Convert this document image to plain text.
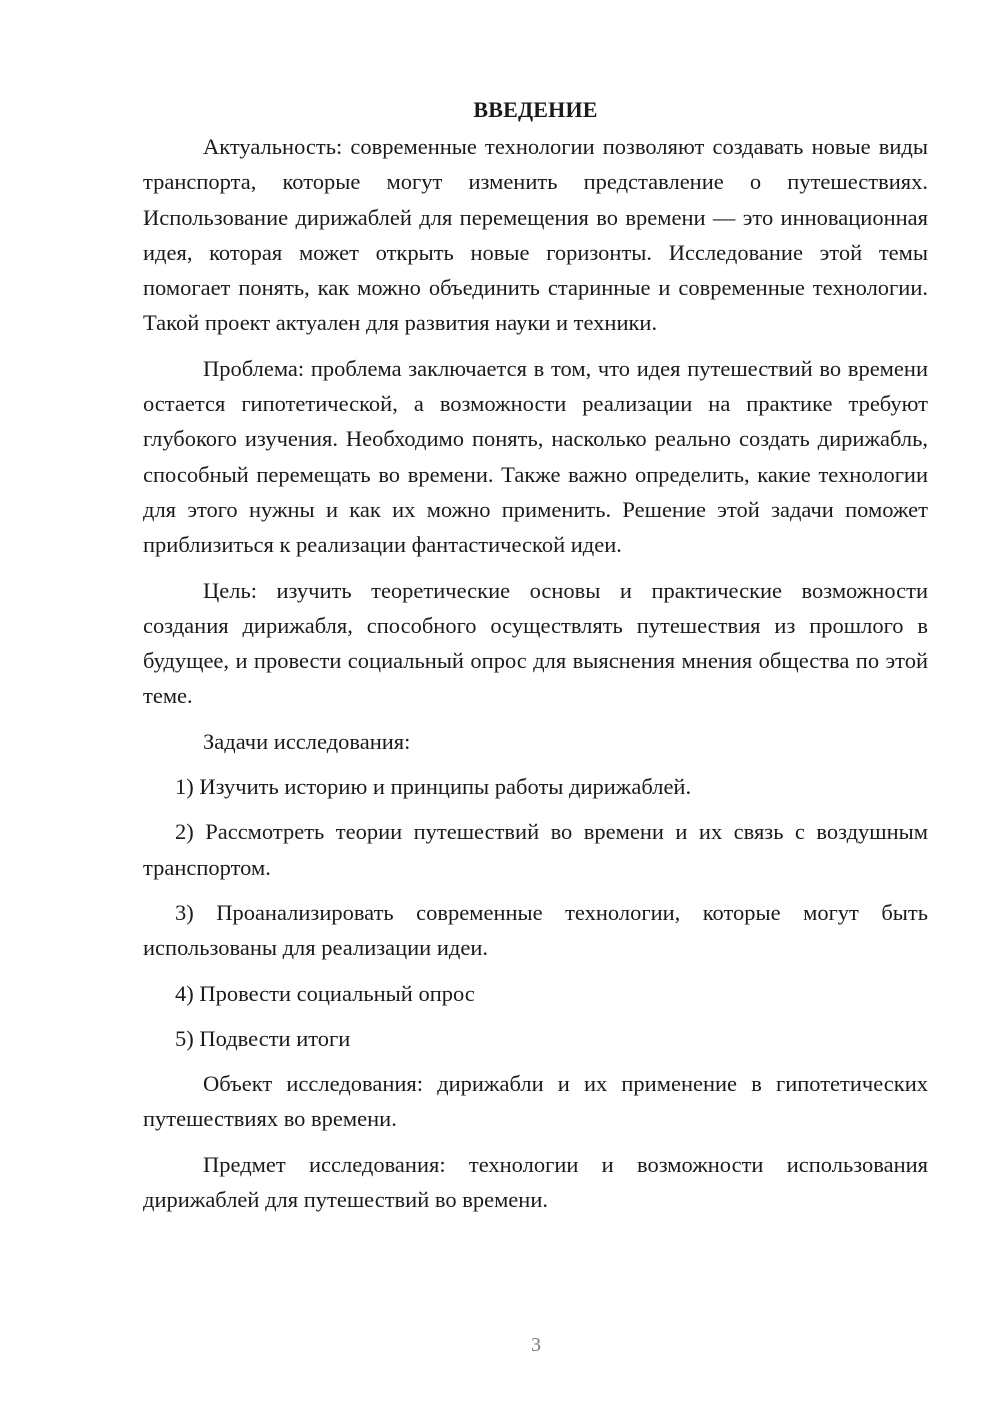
ВВЕДЕНИЕ

Актуальность: современные технологии позволяют создавать новые виды транспорта, которые могут изменить представление о путешествиях. Использование дирижаблей для перемещения во времени — это инновационная идея, которая может открыть новые горизонты. Исследование этой темы помогает понять, как можно объединить старинные и современные технологии. Такой проект актуален для развития науки и техники.

Проблема: проблема заключается в том, что идея путешествий во времени остается гипотетической, а возможности реализации на практике требуют глубокого изучения. Необходимо понять, насколько реально создать дирижабль, способный перемещать во времени. Также важно определить, какие технологии для этого нужны и как их можно применить. Решение этой задачи поможет приблизиться к реализации фантастической идеи.

Цель: изучить теоретические основы и практические возможности создания дирижабля, способного осуществлять путешествия из прошлого в будущее, и провести социальный опрос для выяснения мнения общества по этой теме.

Задачи исследования:

1) Изучить историю и принципы работы дирижаблей.

2) Рассмотреть теории путешествий во времени и их связь с воздушным транспортом.

3) Проанализировать современные технологии, которые могут быть использованы для реализации идеи.

4) Провести социальный опрос

5) Подвести итоги

Объект исследования: дирижабли и их применение в гипотетических путешествиях во времени.

Предмет исследования: технологии и возможности использования дирижаблей для путешествий во времени.

3
